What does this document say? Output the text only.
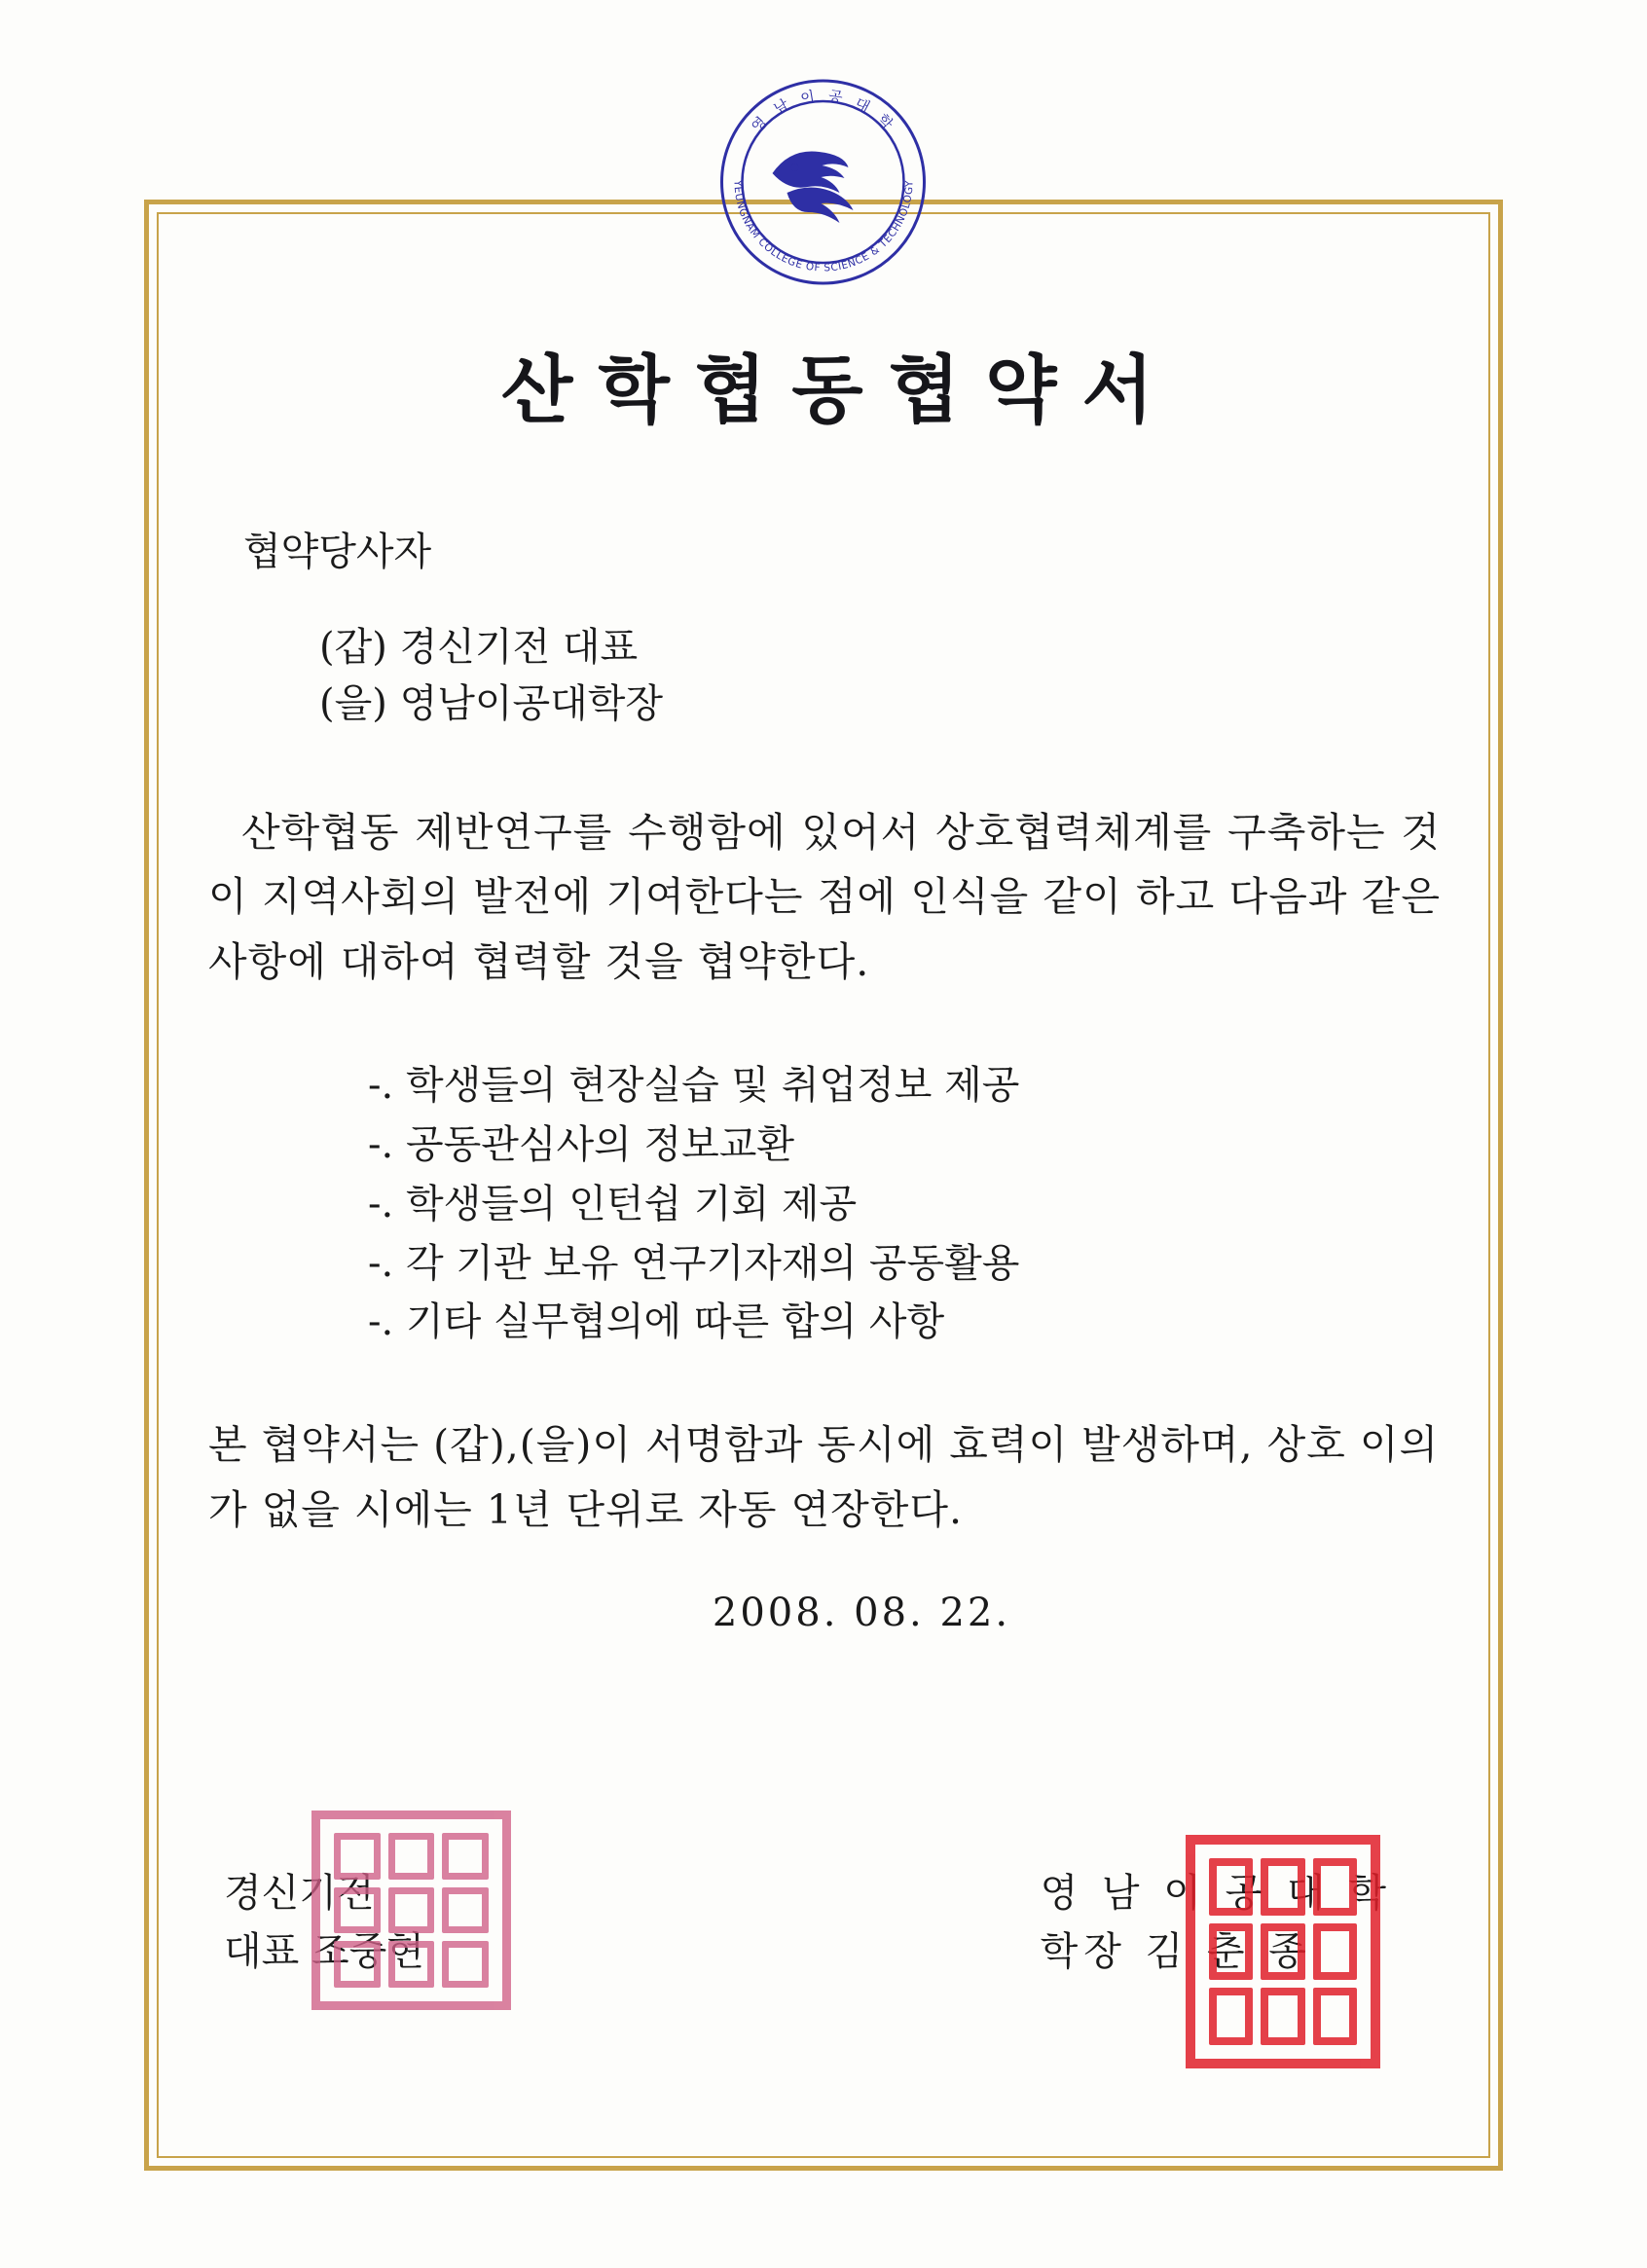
영 남 이 공 대 학
YEUNGNAM COLLEGE OF SCIENCE & TECHNOLOGY
산학협동협약서
협약당사자
(갑) 경신기전 대표
(을) 영남이공대학장

산학협동 제반연구를 수행함에 있어서 상호협력체계를 구축하는 것이 지역사회의 발전에 기여한다는 점에 인식을 같이 하고 다음과 같은 사항에 대하여 협력할 것을 협약한다.

-. 학생들의 현장실습 및 취업정보 제공
-. 공동관심사의 정보교환
-. 학생들의 인턴쉽 기회 제공
-. 각 기관 보유 연구기자재의 공동활용
-. 기타 실무협의에 따른 합의 사항

본 협약서는 (갑),(을)이 서명함과 동시에 효력이 발생하며, 상호 이의가 없을 시에는 1년 단위로 자동 연장한다.

2008. 08. 22.
경신기전
대표 조중현
영 남 이 공 대 학
학장 김 춘 종
